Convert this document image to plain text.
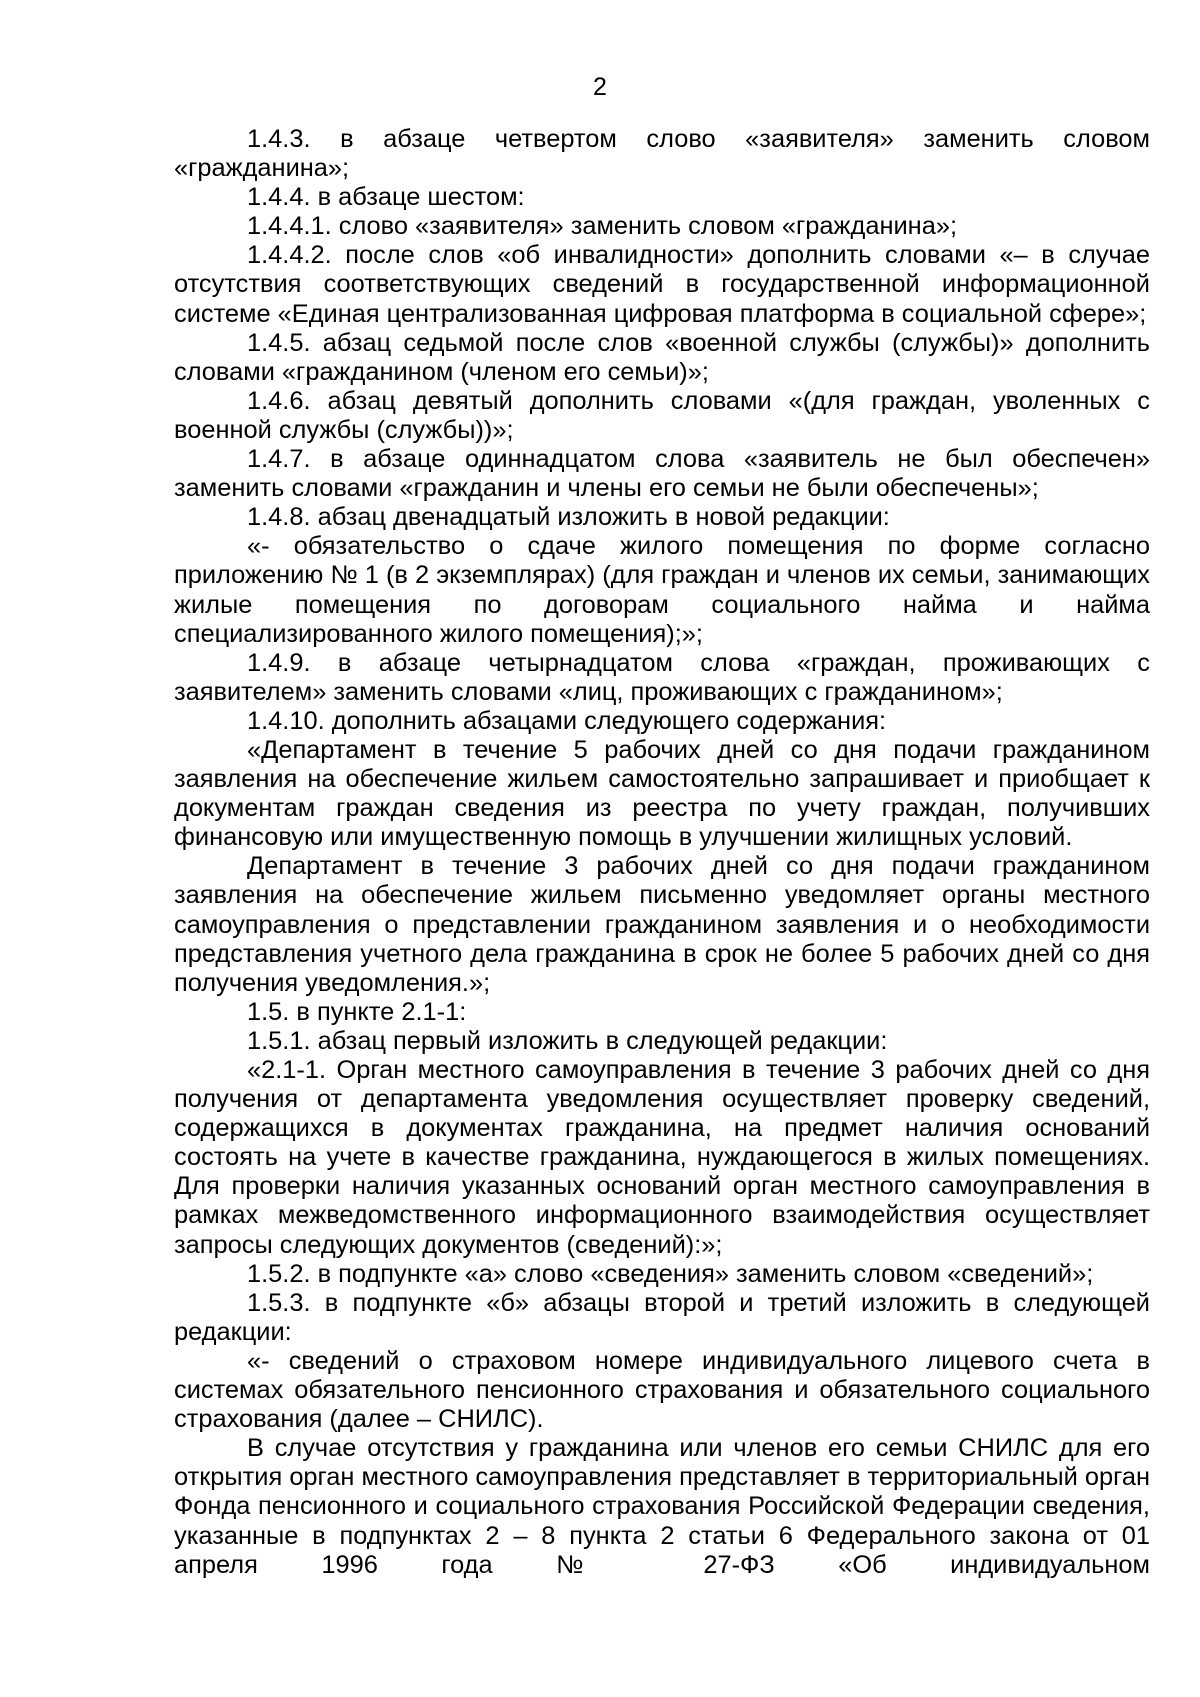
2

1.4.3. в абзаце четвертом слово «заявителя» заменить словом «гражданина»;

1.4.4. в абзаце шестом:

1.4.4.1. слово «заявителя» заменить словом «гражданина»;

1.4.4.2. после слов «об инвалидности» дополнить словами «– в случае отсутствия соответствующих сведений в государственной информационной системе «Единая централизованная цифровая платформа в социальной сфере»;

1.4.5. абзац седьмой после слов «военной службы (службы)» дополнить словами «гражданином (членом его семьи)»;

1.4.6. абзац девятый дополнить словами «(для граждан, уволенных с военной службы (службы))»;

1.4.7. в абзаце одиннадцатом слова «заявитель не был обеспечен» заменить словами «гражданин и члены его семьи не были обеспечены»;

1.4.8. абзац двенадцатый изложить в новой редакции:

«- обязательство о сдаче жилого помещения по форме согласно приложению № 1 (в 2 экземплярах) (для граждан и членов их семьи, занимающих жилые помещения по договорам социального найма и найма специализированного жилого помещения);»;

1.4.9. в абзаце четырнадцатом слова «граждан, проживающих с заявителем» заменить словами «лиц, проживающих с гражданином»;

1.4.10. дополнить абзацами следующего содержания:

«Департамент в течение 5 рабочих дней со дня подачи гражданином заявления на обеспечение жильем самостоятельно запрашивает и приобщает к документам граждан сведения из реестра по учету граждан, получивших финансовую или имущественную помощь в улучшении жилищных условий.

Департамент в течение 3 рабочих дней со дня подачи гражданином заявления на обеспечение жильем письменно уведомляет органы местного самоуправления о представлении гражданином заявления и о необходимости представления учетного дела гражданина в срок не более 5 рабочих дней со дня получения уведомления.»;

1.5. в пункте 2.1-1:

1.5.1. абзац первый изложить в следующей редакции:

«2.1-1. Орган местного самоуправления в течение 3 рабочих дней со дня получения от департамента уведомления осуществляет проверку сведений, содержащихся в документах гражданина, на предмет наличия оснований состоять на учете в качестве гражданина, нуждающегося в жилых помещениях. Для проверки наличия указанных оснований орган местного самоуправления в рамках межведомственного информационного взаимодействия осуществляет запросы следующих документов (сведений):»;

1.5.2. в подпункте «а» слово «сведения» заменить словом «сведений»;

1.5.3. в подпункте «б» абзацы второй и третий изложить в следующей редакции:

«- сведений о страховом номере индивидуального лицевого счета в системах обязательного пенсионного страхования и обязательного социального страхования (далее – СНИЛС).

В случае отсутствия у гражданина или членов его семьи СНИЛС для его открытия орган местного самоуправления представляет в территориальный орган Фонда пенсионного и социального страхования Российской Федерации сведения, указанные в подпунктах 2 – 8 пункта 2 статьи 6 Федерального закона от 01 апреля 1996 года № 27-ФЗ «Об индивидуальном
